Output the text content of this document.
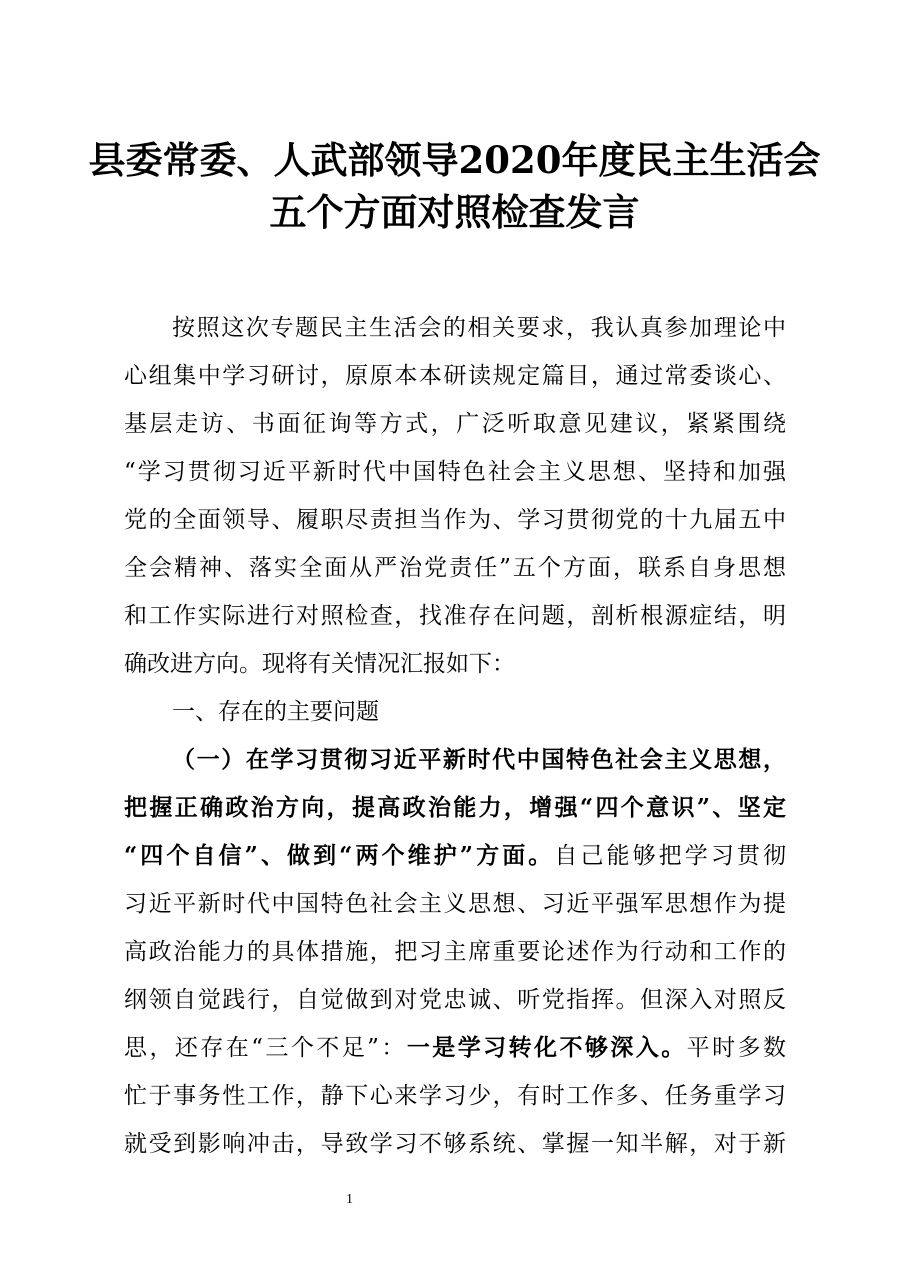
县委常委、人武部领导2020年度民主生活会
五个方面对照检查发言
按照这次专题民主生活会的相关要求，我认真参加理论中
心组集中学习研讨，原原本本研读规定篇目，通过常委谈心、
基层走访、书面征询等方式，广泛听取意见建议，紧紧围绕
“学习贯彻习近平新时代中国特色社会主义思想、坚持和加强
党的全面领导、履职尽责担当作为、学习贯彻党的十九届五中
全会精神、落实全面从严治党责任”五个方面，联系自身思想
和工作实际进行对照检查，找准存在问题，剖析根源症结，明
确改进方向。现将有关情况汇报如下：
一、存在的主要问题
（一）在学习贯彻习近平新时代中国特色社会主义思想，
把握正确政治方向，提高政治能力，增强“四个意识”、坚定
“四个自信”、做到“两个维护”方面。自己能够把学习贯彻
习近平新时代中国特色社会主义思想、习近平强军思想作为提
高政治能力的具体措施，把习主席重要论述作为行动和工作的
纲领自觉践行，自觉做到对党忠诚、听党指挥。但深入对照反
思，还存在“三个不足”：一是学习转化不够深入。平时多数
忙于事务性工作，静下心来学习少，有时工作多、任务重学习
就受到影响冲击，导致学习不够系统、掌握一知半解，对于新
1
